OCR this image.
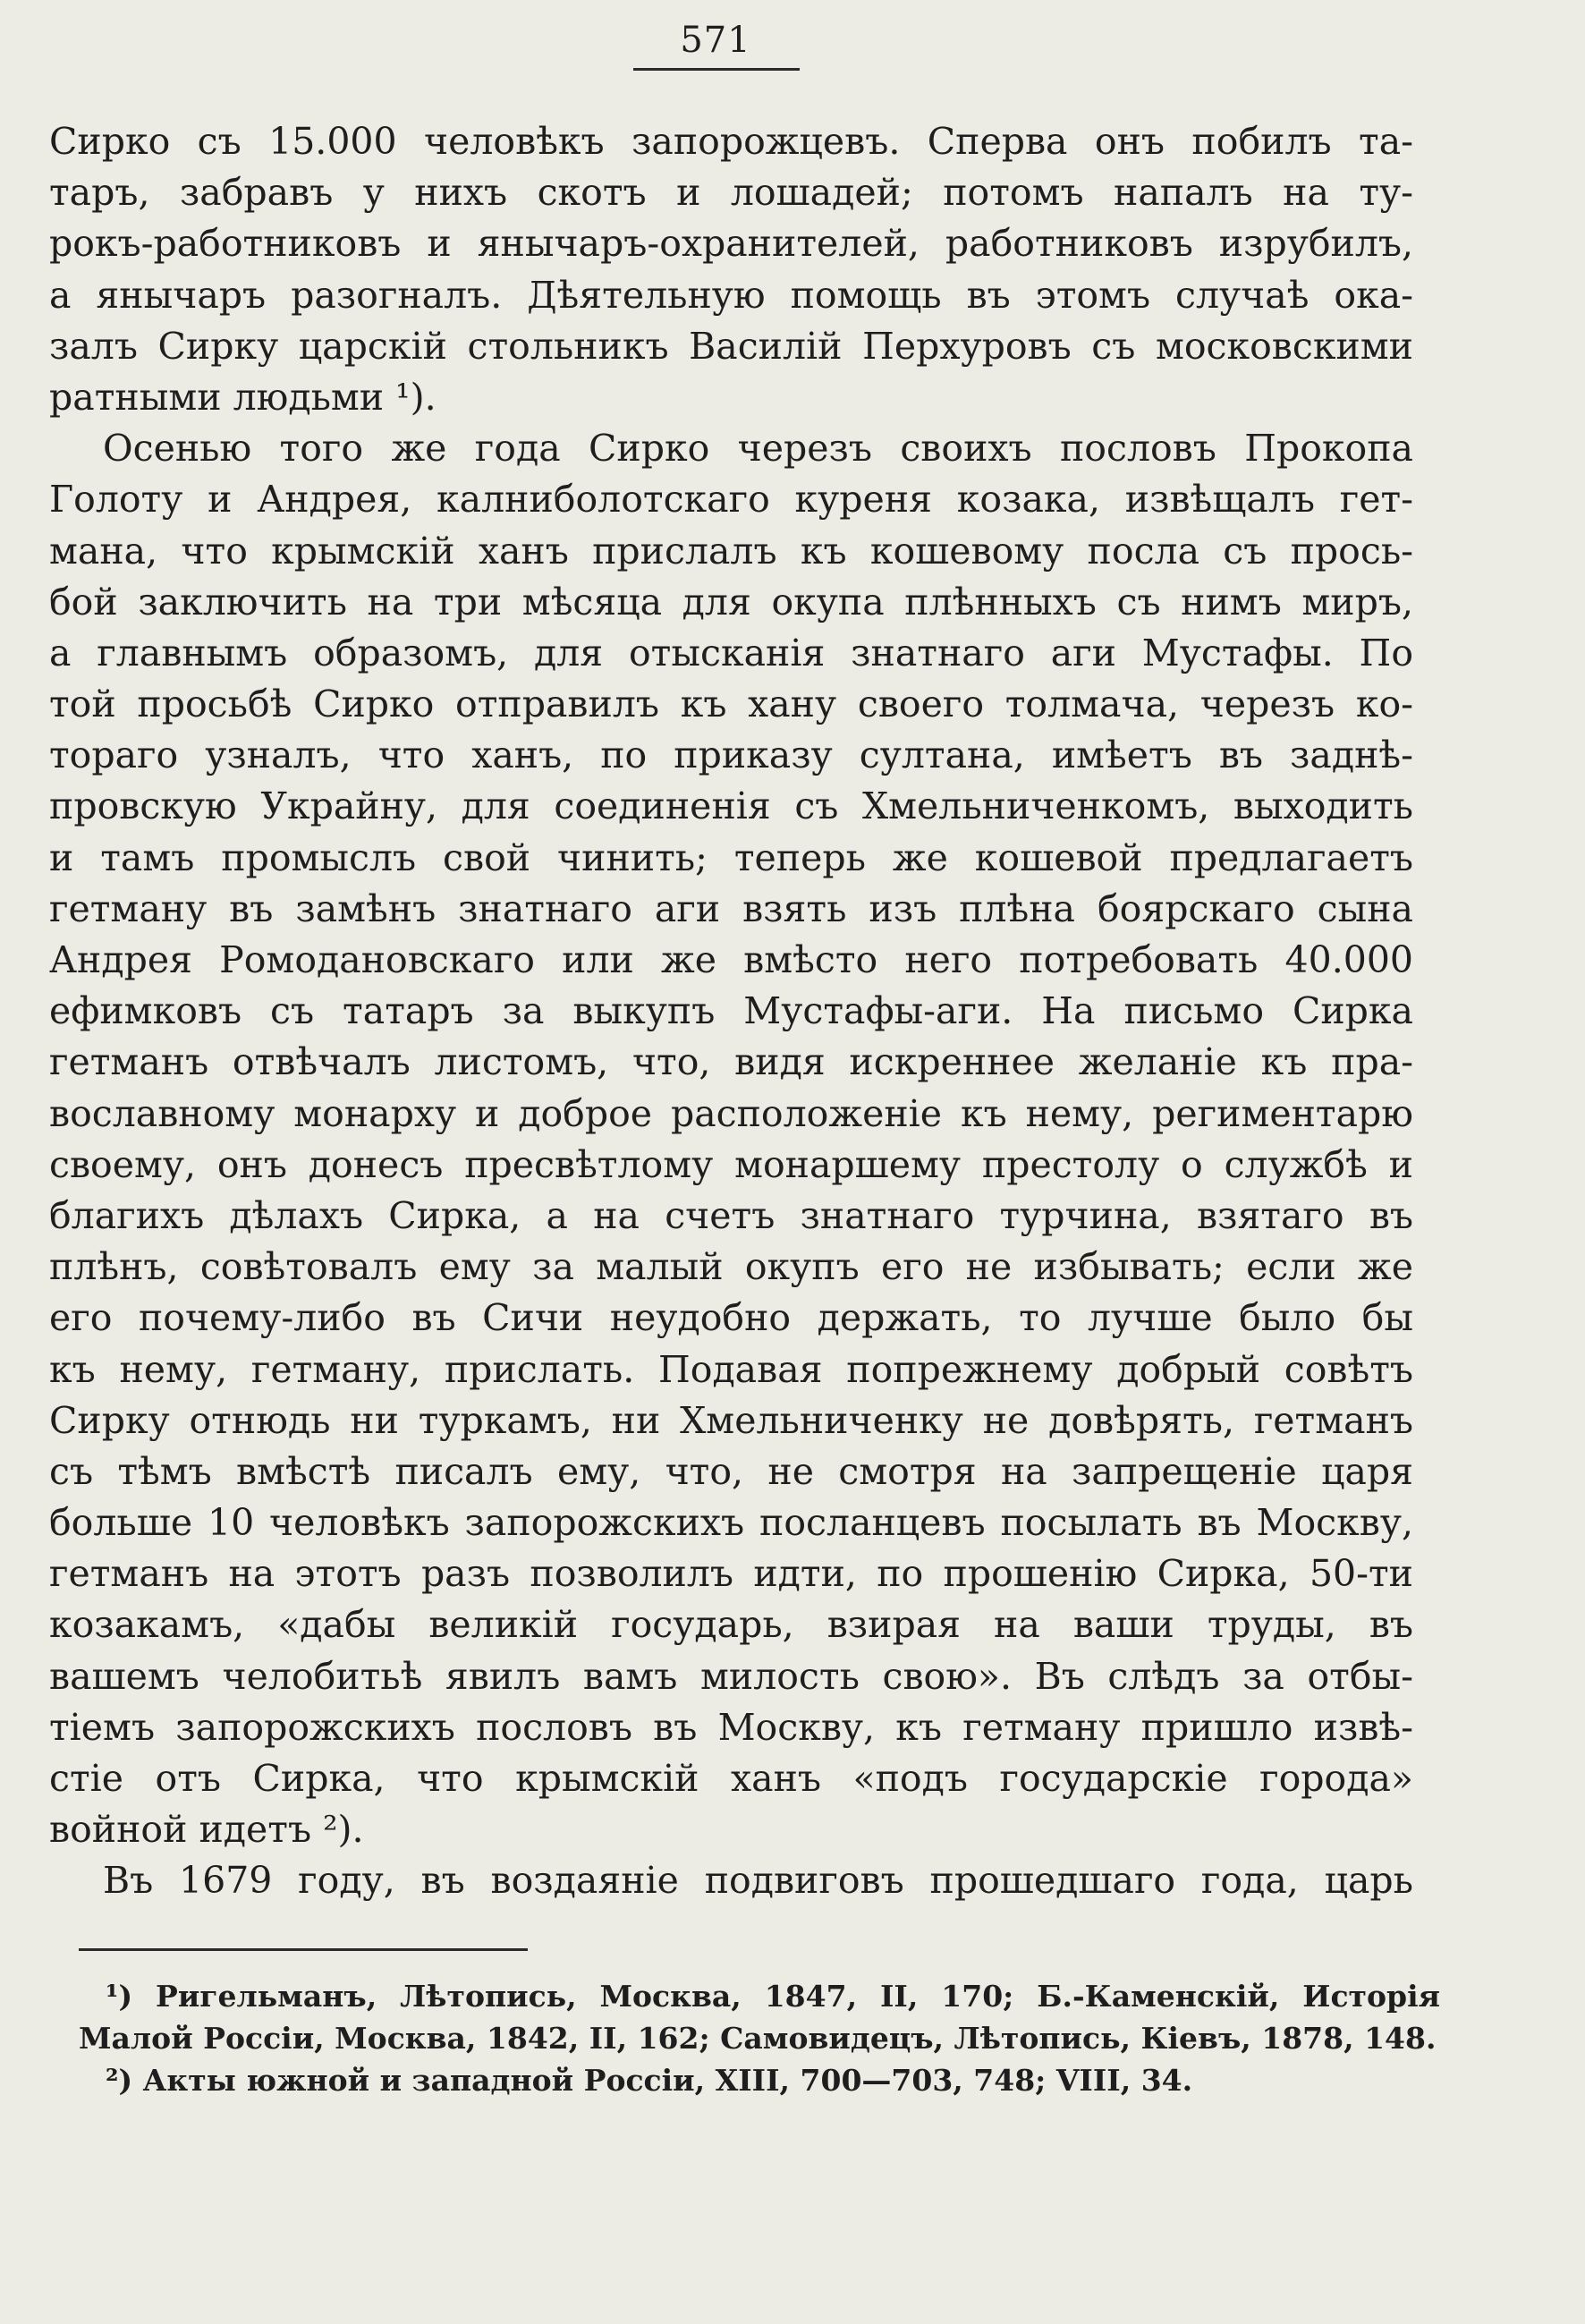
571
Сирко съ 15.000 человѣкъ запорожцевъ. Сперва онъ побилъ та-
таръ, забравъ у нихъ скотъ и лошадей; потомъ напалъ на ту-
рокъ-работниковъ и янычаръ-охранителей, работниковъ изрубилъ,
а янычаръ разогналъ. Дѣятельную помощь въ этомъ случаѣ ока-
залъ Сирку царскій стольникъ Василій Перхуровъ съ московскими
ратными людьми ¹).
Осенью того же года Сирко черезъ своихъ пословъ Прокопа
Голоту и Андрея, калниболотскаго куреня козака, извѣщалъ гет-
мана, что крымскій ханъ прислалъ къ кошевому посла съ прось-
бой заключить на три мѣсяца для окупа плѣнныхъ съ нимъ миръ,
а главнымъ образомъ, для отысканія знатнаго аги Мустафы. По
той просьбѣ Сирко отправилъ къ хану своего толмача, черезъ ко-
тораго узналъ, что ханъ, по приказу султана, имѣетъ въ заднѣ-
провскую Украйну, для соединенія съ Хмельниченкомъ, выходить
и тамъ промыслъ свой чинить; теперь же кошевой предлагаетъ
гетману въ замѣнъ знатнаго аги взять изъ плѣна боярскаго сына
Андрея Ромодановскаго или же вмѣсто него потребовать 40.000
ефимковъ съ татаръ за выкупъ Мустафы-аги. На письмо Сирка
гетманъ отвѣчалъ листомъ, что, видя искреннее желаніе къ пра-
вославному монарху и доброе расположеніе къ нему, региментарю
своему, онъ донесъ пресвѣтлому монаршему престолу о службѣ и
благихъ дѣлахъ Сирка, а на счетъ знатнаго турчина, взятаго въ
плѣнъ, совѣтовалъ ему за малый окупъ его не избывать; если же
его почему-либо въ Сичи неудобно держать, то лучше было бы
къ нему, гетману, прислать. Подавая попрежнему добрый совѣтъ
Сирку отнюдь ни туркамъ, ни Хмельниченку не довѣрять, гетманъ
съ тѣмъ вмѣстѣ писалъ ему, что, не смотря на запрещеніе царя
больше 10 человѣкъ запорожскихъ посланцевъ посылать въ Москву,
гетманъ на этотъ разъ позволилъ идти, по прошенію Сирка, 50-ти
козакамъ, «дабы великій государь, взирая на ваши труды, въ
вашемъ челобитьѣ явилъ вамъ милость свою». Въ слѣдъ за отбы-
тіемъ запорожскихъ пословъ въ Москву, къ гетману пришло извѣ-
стіе отъ Сирка, что крымскій ханъ «подъ государскіе города»
войной идетъ ²).
Въ 1679 году, въ воздаяніе подвиговъ прошедшаго года, царь
¹) Ригельманъ, Лѣтопись, Москва, 1847, II, 170; Б.-Каменскій, Исторія
Малой Россіи, Москва, 1842, II, 162; Самовидецъ, Лѣтопись, Кіевъ, 1878, 148.
²) Акты южной и западной Россіи, XIII, 700—703, 748; VIII, 34.
